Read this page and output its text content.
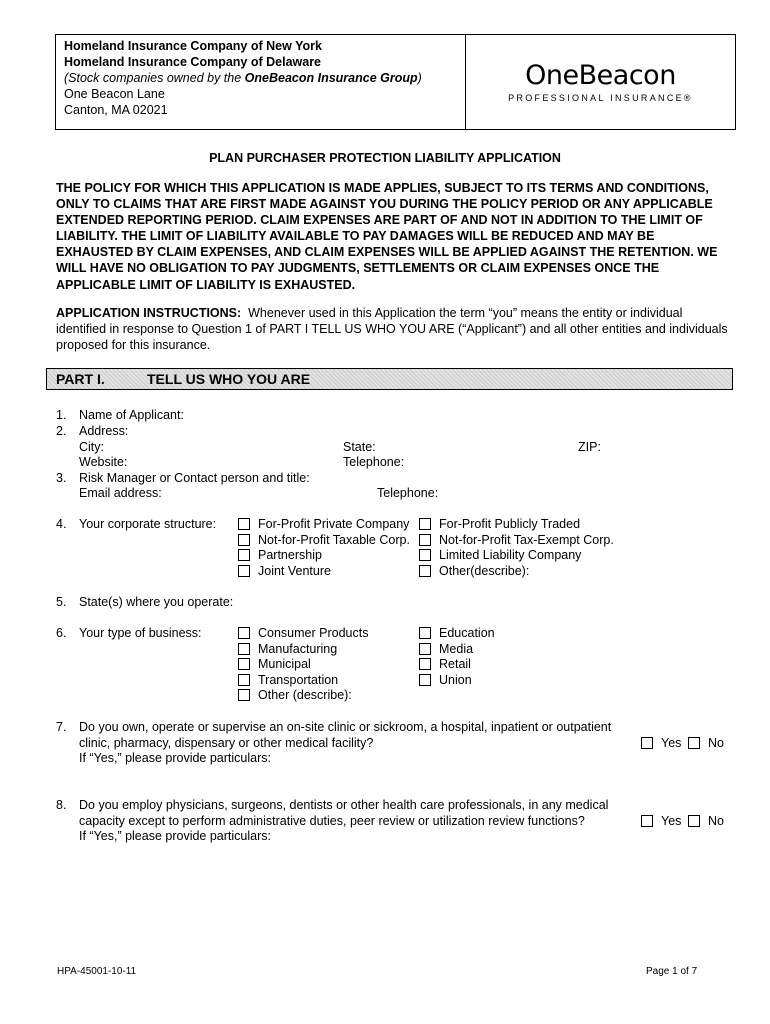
Homeland Insurance Company of New York
Homeland Insurance Company of Delaware
(Stock companies owned by the OneBeacon Insurance Group)
One Beacon Lane
Canton, MA 02021
OneBeacon
PROFESSIONAL INSURANCE®
PLAN PURCHASER PROTECTION LIABILITY APPLICATION
THE POLICY FOR WHICH THIS APPLICATION IS MADE APPLIES, SUBJECT TO ITS TERMS AND CONDITIONS,
ONLY TO CLAIMS THAT ARE FIRST MADE AGAINST YOU DURING THE POLICY PERIOD OR ANY APPLICABLE
EXTENDED REPORTING PERIOD. CLAIM EXPENSES ARE PART OF AND NOT IN ADDITION TO THE LIMIT OF
LIABILITY. THE LIMIT OF LIABILITY AVAILABLE TO PAY DAMAGES WILL BE REDUCED AND MAY BE
EXHAUSTED BY CLAIM EXPENSES, AND CLAIM EXPENSES WILL BE APPLIED AGAINST THE RETENTION. WE
WILL HAVE NO OBLIGATION TO PAY JUDGMENTS, SETTLEMENTS OR CLAIM EXPENSES ONCE THE
APPLICABLE LIMIT OF LIABILITY IS EXHAUSTED.
APPLICATION INSTRUCTIONS:  Whenever used in this Application the term “you” means the entity or individual
identified in response to Question 1 of PART I TELL US WHO YOU ARE (“Applicant”) and all other entities and individuals
proposed for this insurance.
PART I.	TELL US WHO YOU ARE
1. Name of Applicant:
2. Address:
City:	State:	ZIP:
Website:	Telephone:
3. Risk Manager or Contact person and title:
Email address:	Telephone:
4. Your corporate structure:	For-Profit Private Company
Not-for-Profit Taxable Corp.
Partnership
Joint Venture
For-Profit Publicly Traded
Not-for-Profit Tax-Exempt Corp.
Limited Liability Company
Other(describe):
5. State(s) where you operate:
6. Your type of business:	Consumer Products
Manufacturing
Municipal
Transportation
Other (describe):
Education
Media
Retail
Union
7. Do you own, operate or supervise an on-site clinic or sickroom, a hospital, inpatient or outpatient
clinic, pharmacy, dispensary or other medical facility?
If “Yes,” please provide particulars:
Yes	No
8. Do you employ physicians, surgeons, dentists or other health care professionals, in any medical
capacity except to perform administrative duties, peer review or utilization review functions?
If “Yes,” please provide particulars:
Yes	No
HPA-45001-10-11	Page 1 of 7
